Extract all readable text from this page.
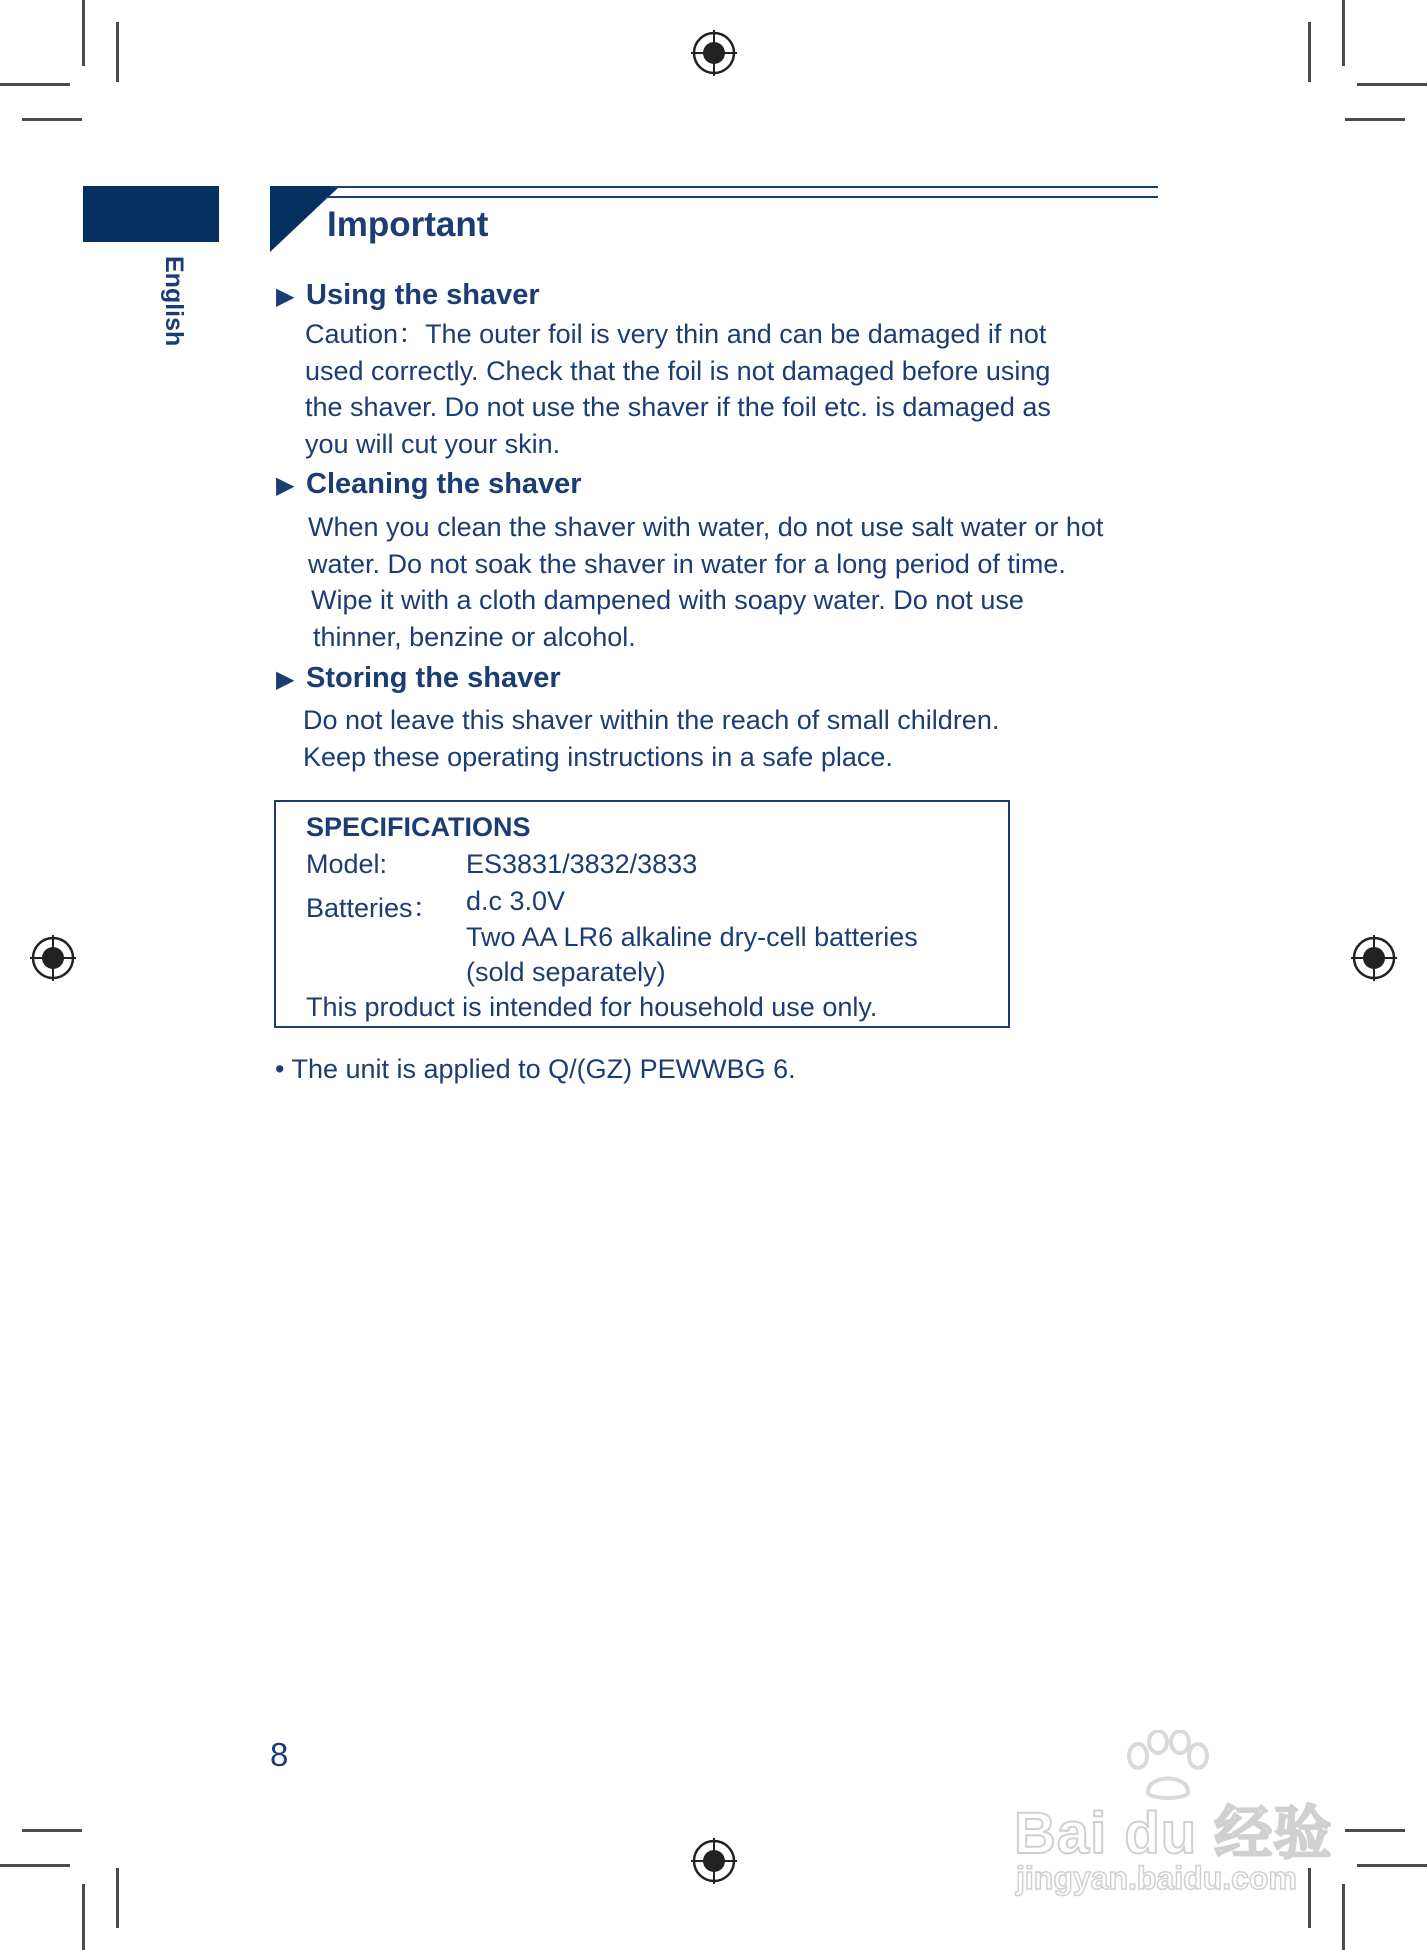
English
Important
▶ Using the shaver
Caution：The outer foil is very thin and can be damaged if not
used correctly. Check that the foil is not damaged before using
the shaver. Do not use the shaver if the foil etc. is damaged as
you will cut your skin.
▶ Cleaning the shaver
When you clean the shaver with water, do not use salt water or hot
water. Do not soak the shaver in water for a long period of time.
Wipe it with a cloth dampened with soapy water. Do not use
thinner, benzine or alcohol.
▶ Storing the shaver
Do not leave this shaver within the reach of small children.
Keep these operating instructions in a safe place.
SPECIFICATIONS
Model:	ES3831/3832/3833
Batteries： d.c 3.0V
Two AA LR6 alkaline dry-cell batteries
(sold separately)
This product is intended for household use only.
• The unit is applied to Q/(GZ) PEWWBG 6.
8
Bai du 经验
jingyan.baidu.com
